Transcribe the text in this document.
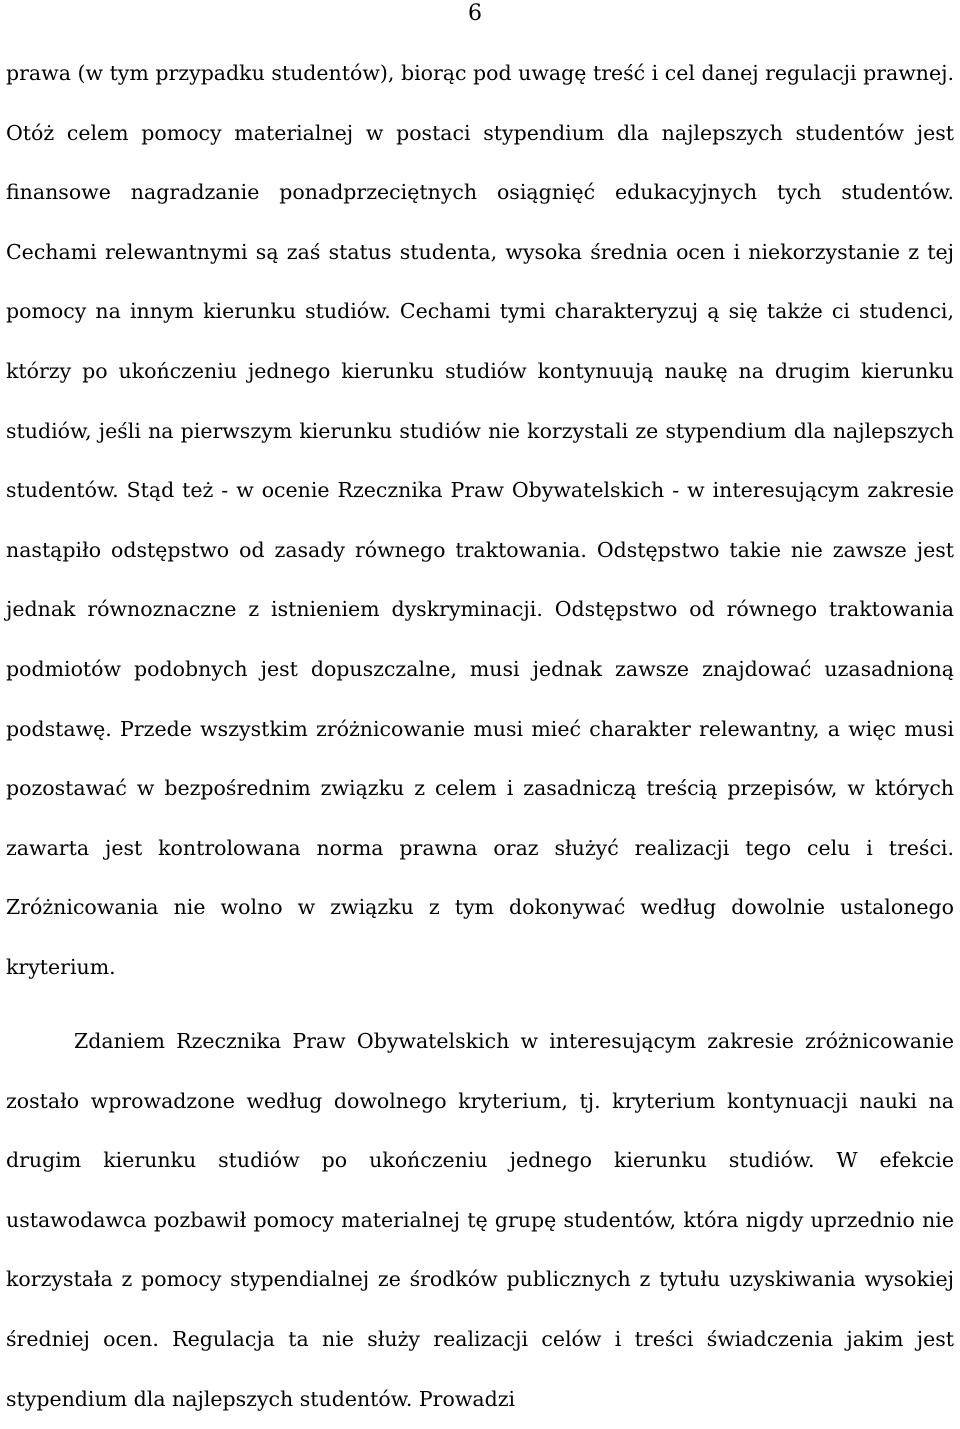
6

prawa (w tym przypadku studentów), biorąc pod uwagę treść i cel danej regulacji prawnej. Otóż celem pomocy materialnej w postaci stypendium dla najlepszych studentów jest finansowe nagradzanie ponadprzeciętnych osiągnięć edukacyjnych tych studentów. Cechami relewantnymi są zaś status studenta, wysoka średnia ocen i niekorzystanie z tej pomocy na innym kierunku studiów. Cechami tymi charakteryzuj ą się także ci studenci, którzy po ukończeniu jednego kierunku studiów kontynuują naukę na drugim kierunku studiów, jeśli na pierwszym kierunku studiów nie korzystali ze stypendium dla najlepszych studentów. Stąd też - w ocenie Rzecznika Praw Obywatelskich - w interesującym zakresie nastąpiło odstępstwo od zasady równego traktowania. Odstępstwo takie nie zawsze jest jednak równoznaczne z istnieniem dyskryminacji. Odstępstwo od równego traktowania podmiotów podobnych jest dopuszczalne, musi jednak zawsze znajdować uzasadnioną podstawę. Przede wszystkim zróżnicowanie musi mieć charakter relewantny, a więc musi pozostawać w bezpośrednim związku z celem i zasadniczą treścią przepisów, w których zawarta jest kontrolowana norma prawna oraz służyć realizacji tego celu i treści. Zróżnicowania nie wolno w związku z tym dokonywać według dowolnie ustalonego kryterium.

Zdaniem Rzecznika Praw Obywatelskich w interesującym zakresie zróżnicowanie zostało wprowadzone według dowolnego kryterium, tj. kryterium kontynuacji nauki na drugim kierunku studiów po ukończeniu jednego kierunku studiów. W efekcie ustawodawca pozbawił pomocy materialnej tę grupę studentów, która nigdy uprzednio nie korzystała z pomocy stypendialnej ze środków publicznych z tytułu uzyskiwania wysokiej średniej ocen. Regulacja ta nie służy realizacji celów i treści świadczenia jakim jest stypendium dla najlepszych studentów. Prowadzi
